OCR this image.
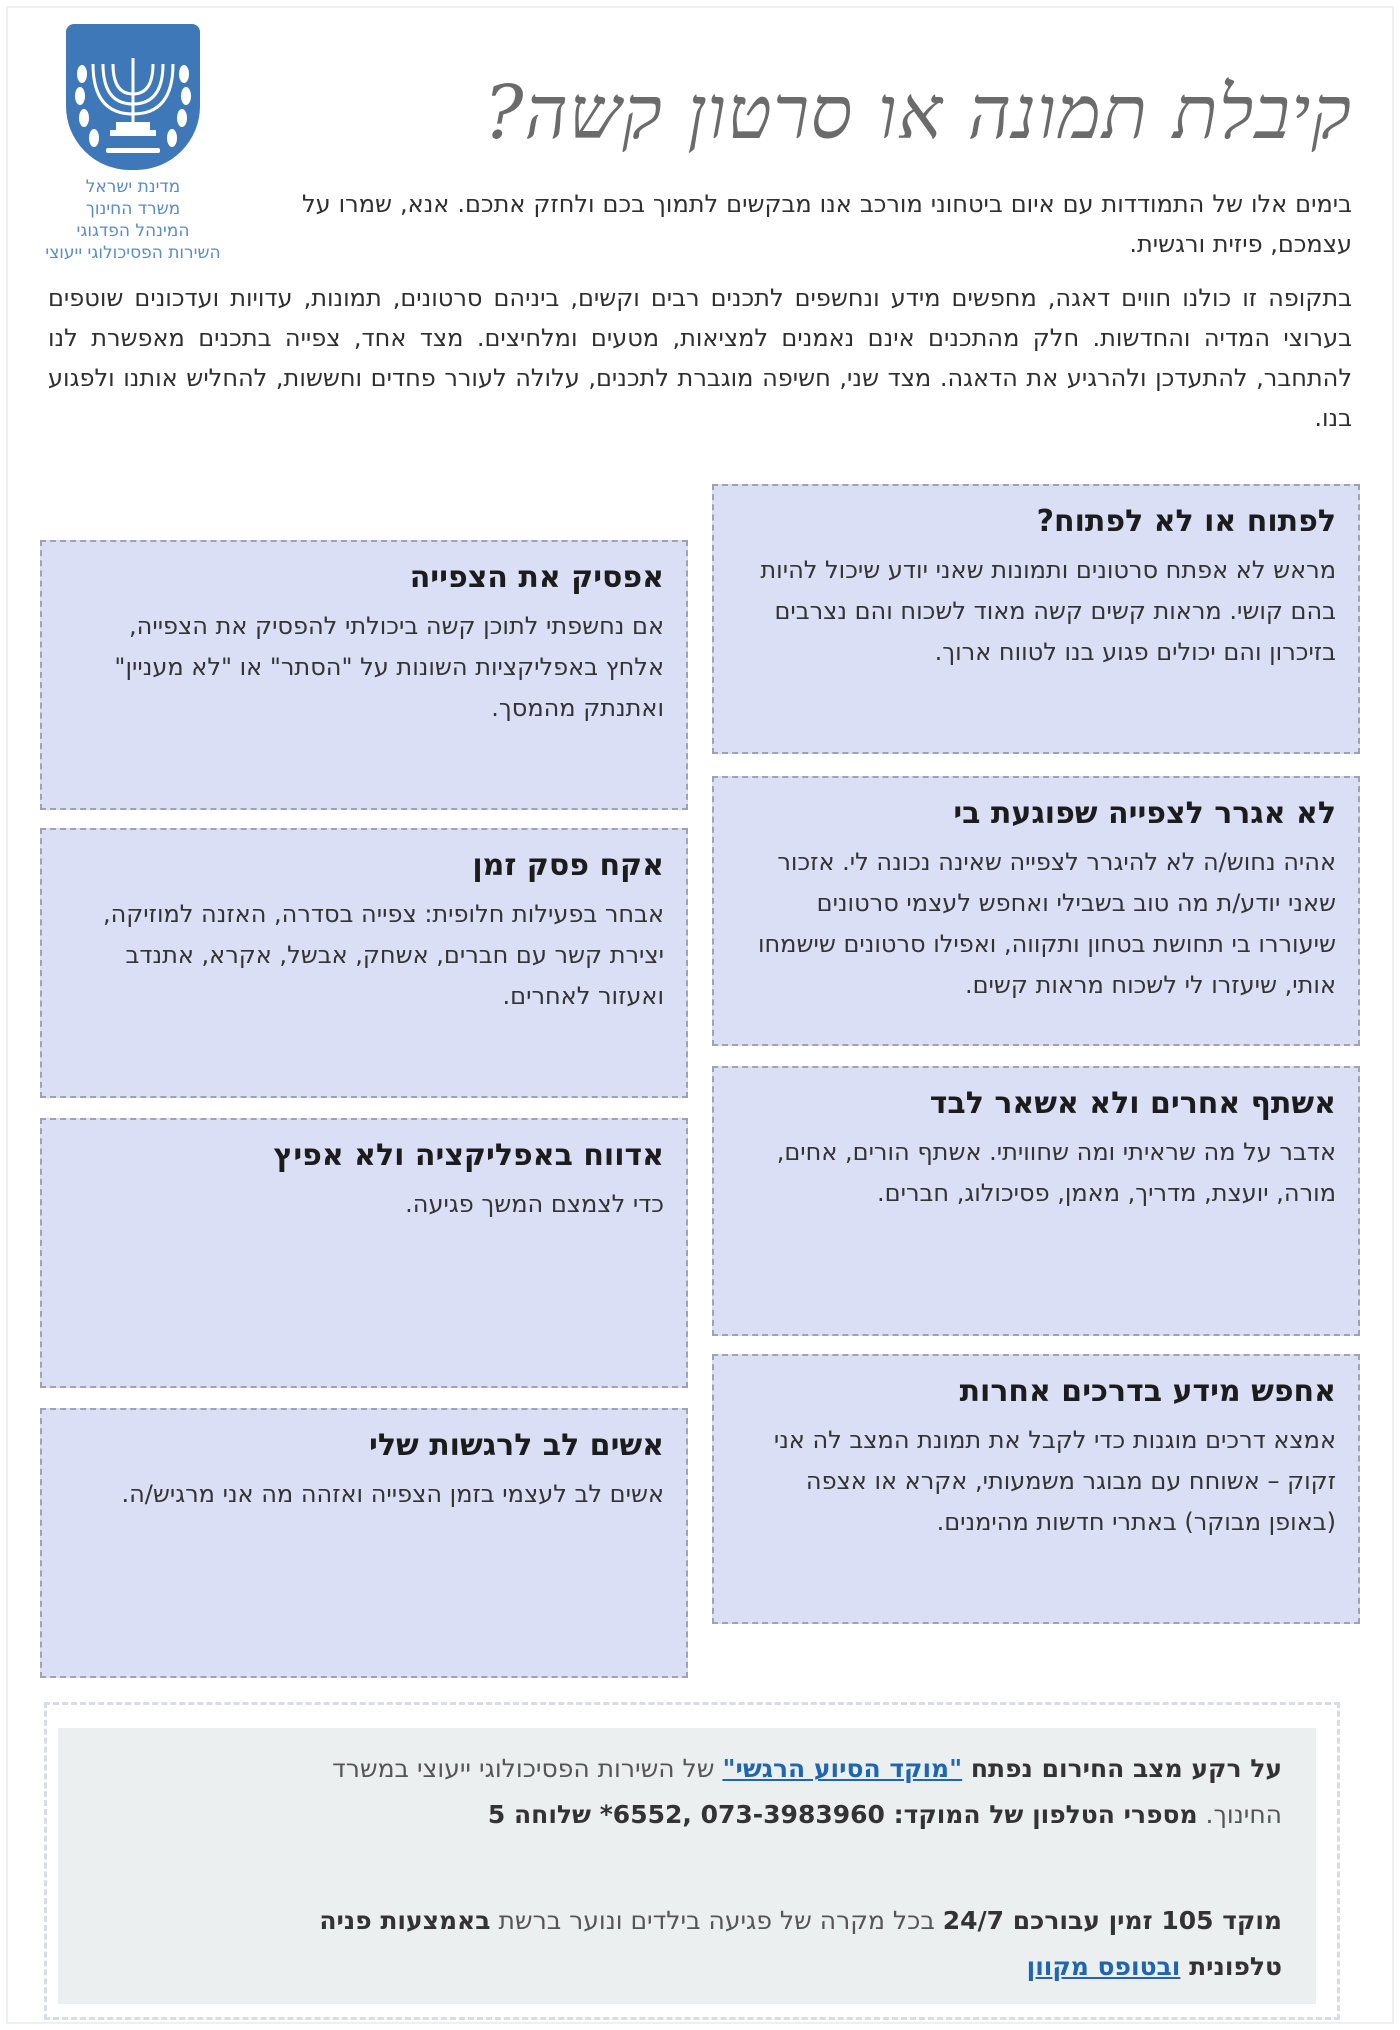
מדינת ישראל
משרד החינוך
המינהל הפדגוגי
השירות הפסיכולוגי ייעוצי
קיבלת תמונה או סרטון קשה?

בימים אלו של התמודדות עם איום ביטחוני מורכב אנו מבקשים לתמוך בכם ולחזק אתכם. אנא, שמרו על עצמכם, פיזית ורגשית.

בתקופה זו כולנו חווים דאגה, מחפשים מידע ונחשפים לתכנים רבים וקשים, ביניהם סרטונים, תמונות, עדויות ועדכונים שוטפים בערוצי המדיה והחדשות. חלק מהתכנים אינם נאמנים למציאות, מטעים ומלחיצים. מצד אחד, צפייה בתכנים מאפשרת לנו להתחבר, להתעדכן ולהרגיע את הדאגה. מצד שני, חשיפה מוגברת לתכנים, עלולה לעורר פחדים וחששות, להחליש אותנו ולפגוע בנו.

לפתוח או לא לפתוח?
מראש לא אפתח סרטונים ותמונות שאני יודע שיכול להיות בהם קושי. מראות קשים קשה מאוד לשכוח והם נצרבים בזיכרון והם יכולים פגוע בנו לטווח ארוך.
לא אגרר לצפייה שפוגעת בי
אהיה נחוש/ה לא להיגרר לצפייה שאינה נכונה לי. אזכור שאני יודע/ת מה טוב בשבילי ואחפש לעצמי סרטונים שיעוררו בי תחושת בטחון ותקווה, ואפילו סרטונים שישמחו אותי, שיעזרו לי לשכוח מראות קשים.
אשתף אחרים ולא אשאר לבד
אדבר על מה שראיתי ומה שחוויתי. אשתף הורים, אחים, מורה, יועצת, מדריך, מאמן, פסיכולוג, חברים.
אחפש מידע בדרכים אחרות
אמצא דרכים מוגנות כדי לקבל את תמונת המצב לה אני זקוק – אשוחח עם מבוגר משמעותי, אקרא או אצפה (באופן מבוקר) באתרי חדשות מהימנים.
אפסיק את הצפייה
אם נחשפתי לתוכן קשה ביכולתי להפסיק את הצפייה, אלחץ באפליקציות השונות על "הסתר" או "לא מעניין" ואתנתק מהמסך.
אקח פסק זמן
אבחר בפעילות חלופית: צפייה בסדרה, האזנה למוזיקה, יצירת קשר עם חברים, אשחק, אבשל, אקרא, אתנדב ואעזור לאחרים.
אדווח באפליקציה ולא אפיץ
כדי לצמצם המשך פגיעה.
אשים לב לרגשות שלי
אשים לב לעצמי בזמן הצפייה ואזהה מה אני מרגיש/ה.
על רקע מצב החירום נפתח "מוקד הסיוע הרגשי" של השירות הפסיכולוגי ייעוצי במשרד
החינוך. מספרי הטלפון של המוקד: 073-3983960 ,6552* שלוחה 5
מוקד 105 זמין עבורכם 24/7 בכל מקרה של פגיעה בילדים ונוער ברשת באמצעות פניה
טלפונית ובטופס מקוון
